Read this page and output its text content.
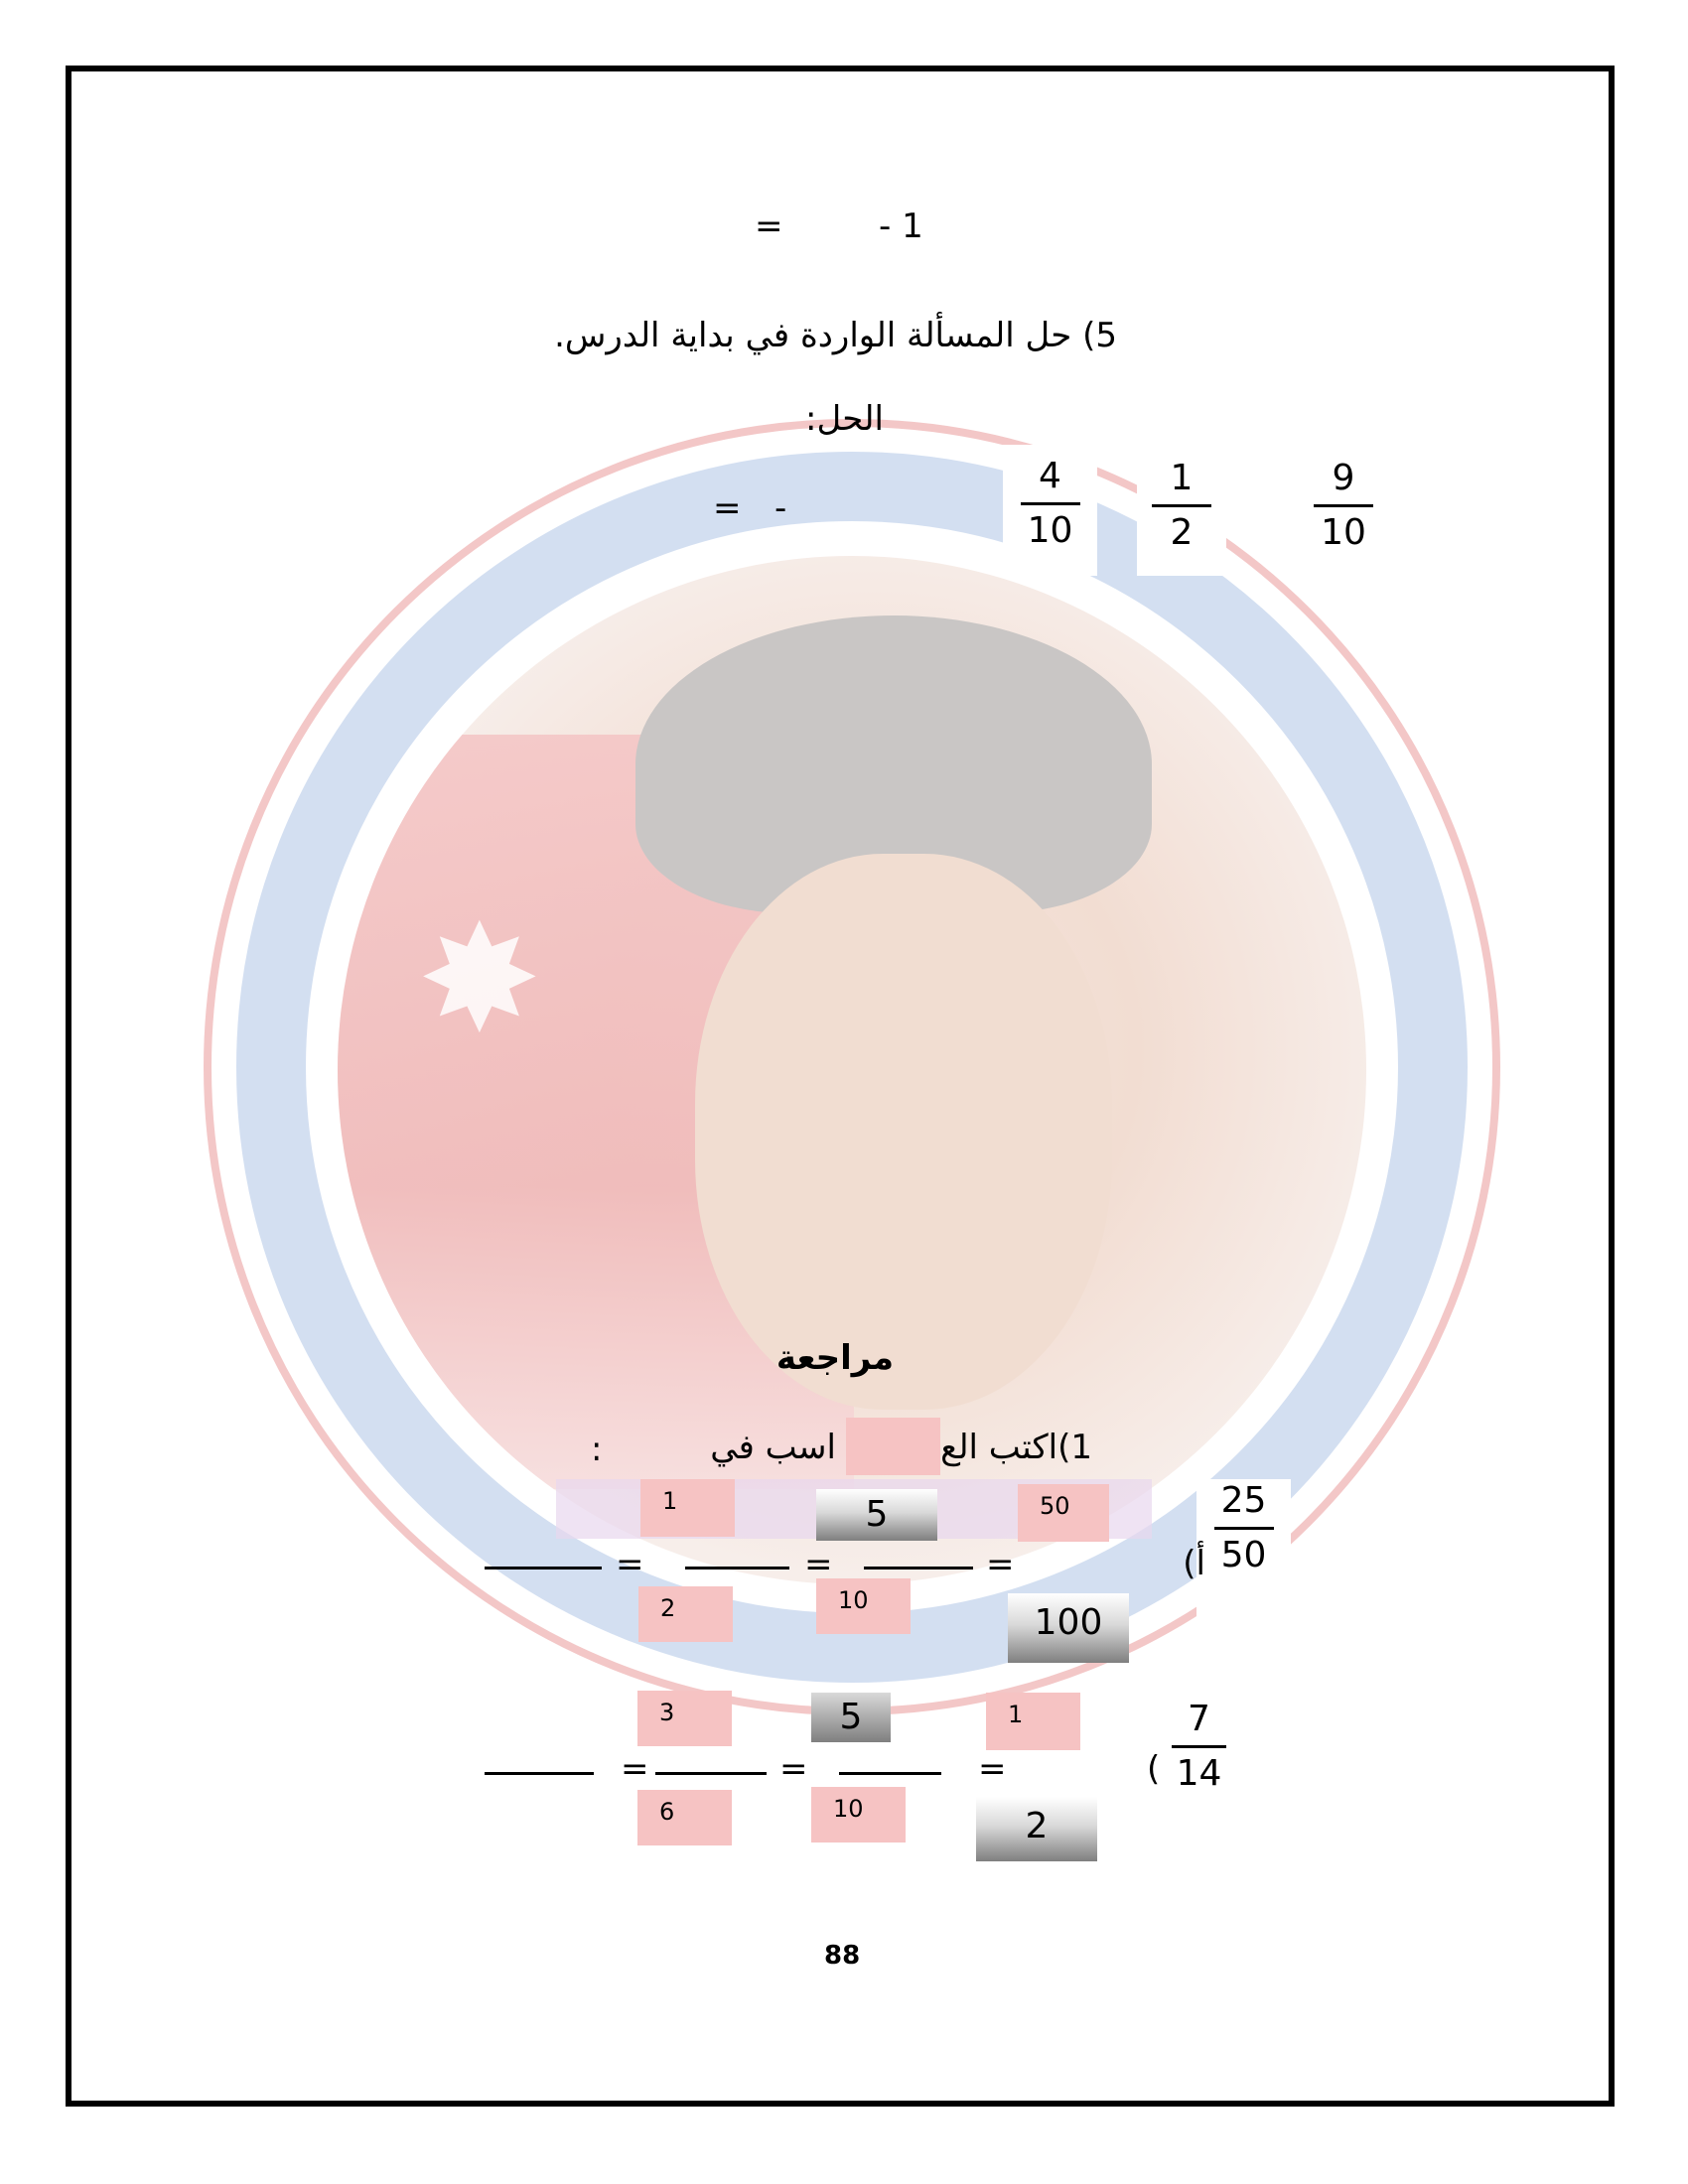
✸
=	- 1
5) حل المسألة الواردة في بداية الدرس.
الحل:
9
10
1
2
4
10
-
=
مراجعة
1)اكتب الع
اسب في
:
25
50
أ)
50
100
=
5
10
=
1
2
=
7
14
(
1
2
=
5
10
=
3
6
=
88
